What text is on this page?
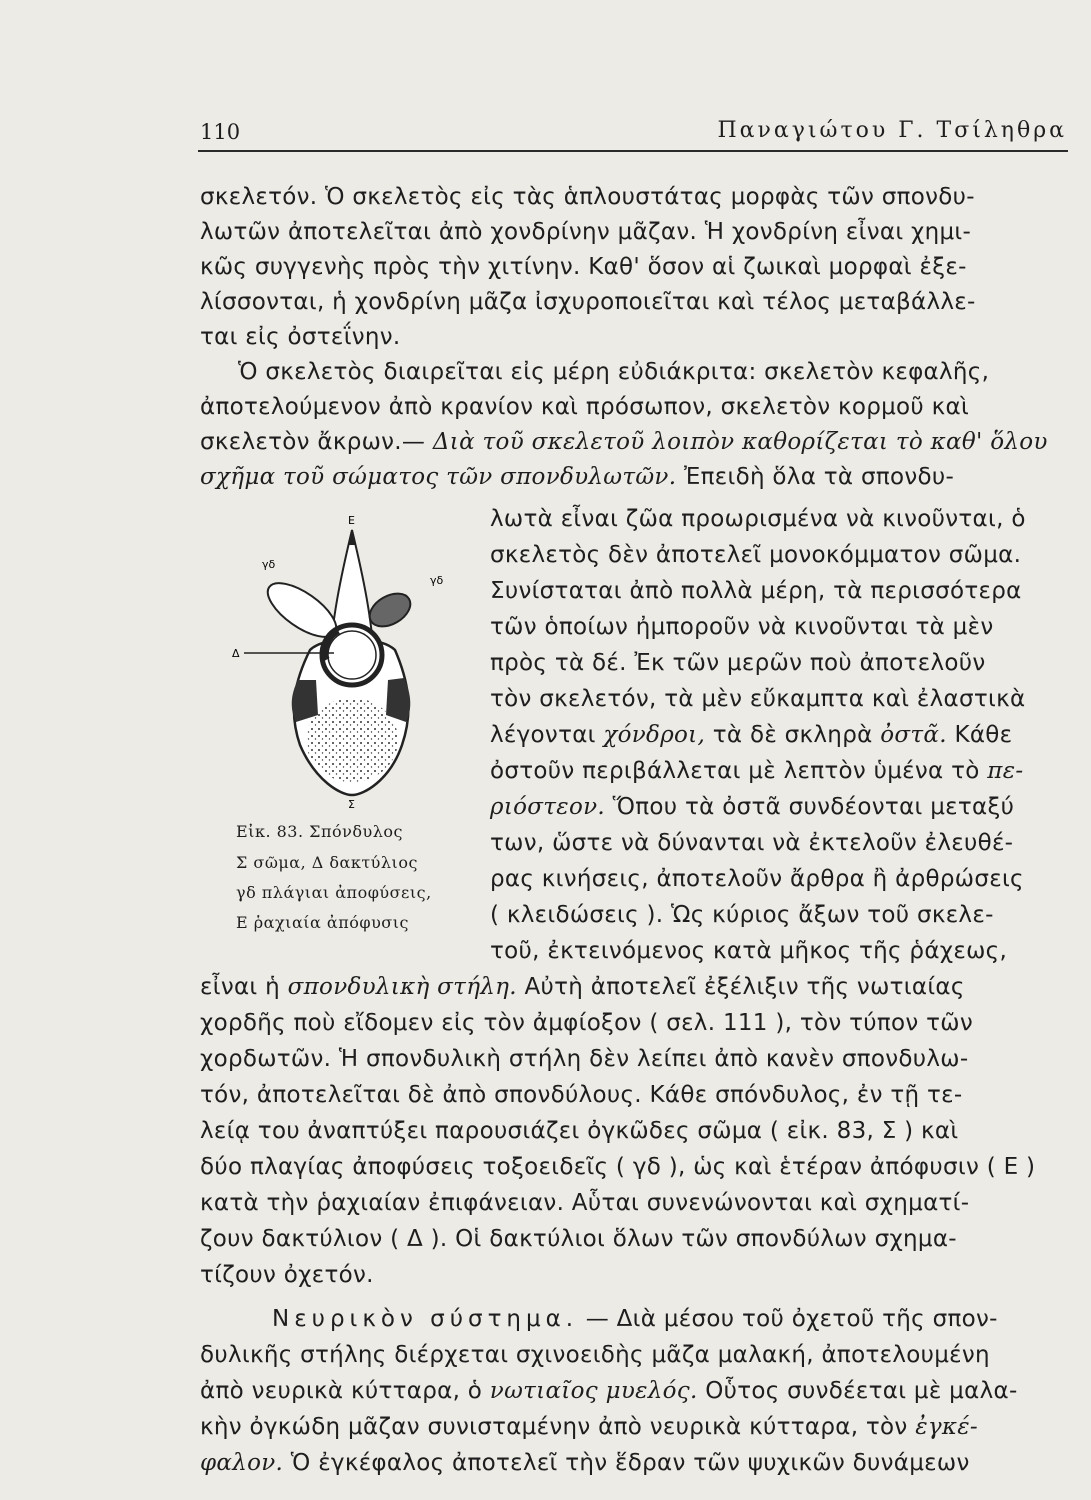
110	Παναγιώτου Γ. Τσίληθρα
σκελετόν. Ὁ σκελετὸς εἰς τὰς ἁπλουστάτας μορφὰς τῶν σπονδυ-
λωτῶν ἀποτελεῖται ἀπὸ χονδρίνην μᾶζαν. Ἡ χονδρίνη εἶναι χημι-
κῶς συγγενὴς πρὸς τὴν χιτίνην. Καθ' ὅσον αἱ ζωικαὶ μορφαὶ ἐξε-
λίσσονται, ἡ χονδρίνη μᾶζα ἰσχυροποιεῖται καὶ τέλος μεταβάλλε-
ται εἰς ὀστεΐνην.
Ὁ σκελετὸς διαιρεῖται εἰς μέρη εὐδιάκριτα: σκελετὸν κεφαλῆς,
ἀποτελούμενον ἀπὸ κρανίον καὶ πρόσωπον, σκελετὸν κορμοῦ καὶ
σκελετὸν ἄκρων.— Διὰ τοῦ σκελετοῦ λοιπὸν καθορίζεται τὸ καθ' ὅλου
σχῆμα τοῦ σώματος τῶν σπονδυλωτῶν. Ἐπειδὴ ὅλα τὰ σπονδυ-
E
γδ
γδ
Δ
Σ
Εἰκ. 83. Σπόνδυλος
Σ σῶμα, Δ δακτύλιος
γδ πλάγιαι ἀποφύσεις,
Ε ῥαχιαία ἀπόφυσις
λωτὰ εἶναι ζῶα προωρισμένα νὰ κινοῦνται, ὁ
σκελετὸς δὲν ἀποτελεῖ μονοκόμματον σῶμα.
Συνίσταται ἀπὸ πολλὰ μέρη, τὰ περισσότερα
τῶν ὁποίων ἠμποροῦν νὰ κινοῦνται τὰ μὲν
πρὸς τὰ δέ. Ἐκ τῶν μερῶν ποὺ ἀποτελοῦν
τὸν σκελετόν, τὰ μὲν εὔκαμπτα καὶ ἐλαστικὰ
λέγονται χόνδροι, τὰ δὲ σκληρὰ ὀστᾶ. Κάθε
ὀστοῦν περιβάλλεται μὲ λεπτὸν ὑμένα τὸ πε-
ριόστεον. Ὅπου τὰ ὀστᾶ συνδέονται μεταξύ
των, ὥστε νὰ δύνανται νὰ ἐκτελοῦν ἐλευθέ-
ρας κινήσεις, ἀποτελοῦν ἄρθρα ἢ ἀρθρώσεις
( κλειδώσεις ). Ὡς κύριος ἄξων τοῦ σκελε-
τοῦ, ἐκτεινόμενος κατὰ μῆκος τῆς ῥάχεως,
εἶναι ἡ σπονδυλικὴ στήλη. Αὐτὴ ἀποτελεῖ ἐξέλιξιν τῆς νωτιαίας
χορδῆς ποὺ εἴδομεν εἰς τὸν ἀμφίοξον ( σελ. 111 ), τὸν τύπον τῶν
χορδωτῶν. Ἡ σπονδυλικὴ στήλη δὲν λείπει ἀπὸ κανὲν σπονδυλω-
τόν, ἀποτελεῖται δὲ ἀπὸ σπονδύλους. Κάθε σπόνδυλος, ἐν τῇ τε-
λείᾳ του ἀναπτύξει παρουσιάζει ὀγκῶδες σῶμα ( εἰκ. 83, Σ ) καὶ
δύο πλαγίας ἀποφύσεις τοξοειδεῖς ( γδ ), ὡς καὶ ἑτέραν ἀπόφυσιν ( Ε )
κατὰ τὴν ῥαχιαίαν ἐπιφάνειαν. Αὗται συνενώνονται καὶ σχηματί-
ζουν δακτύλιον ( Δ ). Οἱ δακτύλιοι ὅλων τῶν σπονδύλων σχημα-
τίζουν ὀχετόν.
Νευρικὸν σύστημα. — Διὰ μέσου τοῦ ὀχετοῦ τῆς σπον-
δυλικῆς στήλης διέρχεται σχινοειδὴς μᾶζα μαλακή, ἀποτελουμένη
ἀπὸ νευρικὰ κύτταρα, ὁ νωτιαῖος μυελός. Οὗτος συνδέεται μὲ μαλα-
κὴν ὀγκώδη μᾶζαν συνισταμένην ἀπὸ νευρικὰ κύτταρα, τὸν ἐγκέ-
φαλον. Ὁ ἐγκέφαλος ἀποτελεῖ τὴν ἕδραν τῶν ψυχικῶν δυνάμεων
